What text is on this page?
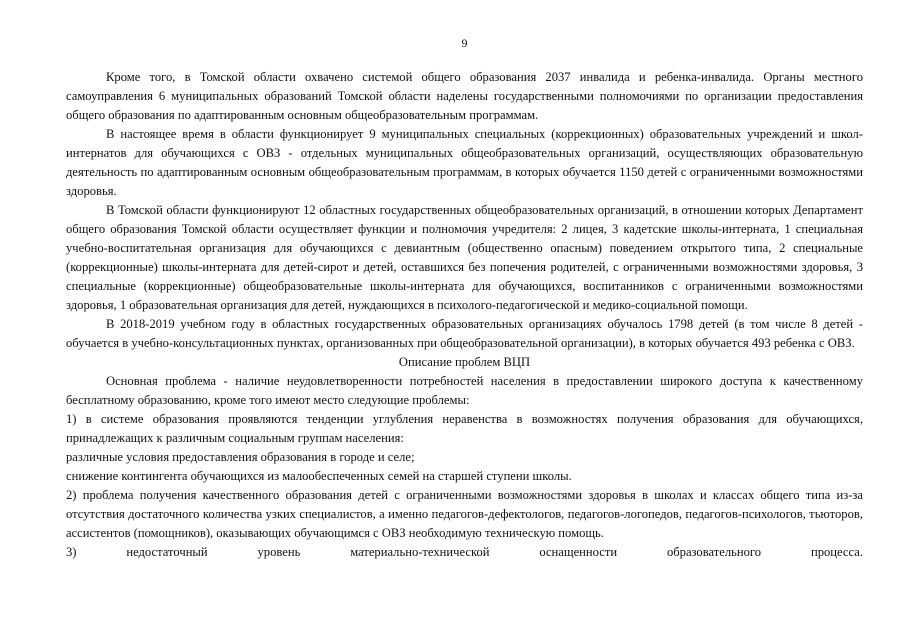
9

Кроме того, в Томской области охвачено системой общего образования 2037 инвалида и ребенка-инвалида. Органы местного самоуправления 6 муниципальных образований Томской области наделены государственными полномочиями по организации предоставления общего образования по адаптированным основным общеобразовательным программам.

В настоящее время в области функционирует 9 муниципальных специальных (коррекционных) образовательных учреждений и школ-интернатов для обучающихся с ОВЗ - отдельных муниципальных общеобразовательных организаций, осуществляющих образовательную деятельность по адаптированным основным общеобразовательным программам, в которых обучается 1150 детей с ограниченными возможностями здоровья.

В Томской области функционируют 12 областных государственных общеобразовательных организаций, в отношении которых Департамент общего образования Томской области осуществляет функции и полномочия учредителя: 2 лицея, 3 кадетские школы-интерната, 1 специальная учебно-воспитательная организация для обучающихся с девиантным (общественно опасным) поведением открытого типа, 2 специальные (коррекционные) школы-интерната для детей-сирот и детей, оставшихся без попечения родителей, с ограниченными возможностями здоровья, 3 специальные (коррекционные) общеобразовательные школы-интерната для обучающихся, воспитанников с ограниченными возможностями здоровья, 1 образовательная организация для детей, нуждающихся в психолого-педагогической и медико-социальной помощи.

В 2018-2019 учебном году в областных государственных образовательных организациях обучалось 1798 детей (в том числе 8 детей - обучается в учебно-консультационных пунктах, организованных при общеобразовательной организации), в которых обучается 493 ребенка с ОВЗ.

Описание проблем ВЦП

Основная проблема - наличие неудовлетворенности потребностей населения в предоставлении широкого доступа к качественному бесплатному образованию, кроме того имеют место следующие проблемы:

1) в системе образования проявляются тенденции углубления неравенства в возможностях получения образования для обучающихся, принадлежащих к различным социальным группам населения:

различные условия предоставления образования в городе и селе;

снижение контингента обучающихся из малообеспеченных семей на старшей ступени школы.

2) проблема получения качественного образования детей с ограниченными возможностями здоровья в школах и классах общего типа из-за отсутствия достаточного количества узких специалистов, а именно педагогов-дефектологов, педагогов-логопедов, педагогов-психологов, тьюторов, ассистентов (помощников), оказывающих обучающимся с ОВЗ необходимую техническую помощь.

3) недостаточный уровень материально-технической оснащенности образовательного процесса.
